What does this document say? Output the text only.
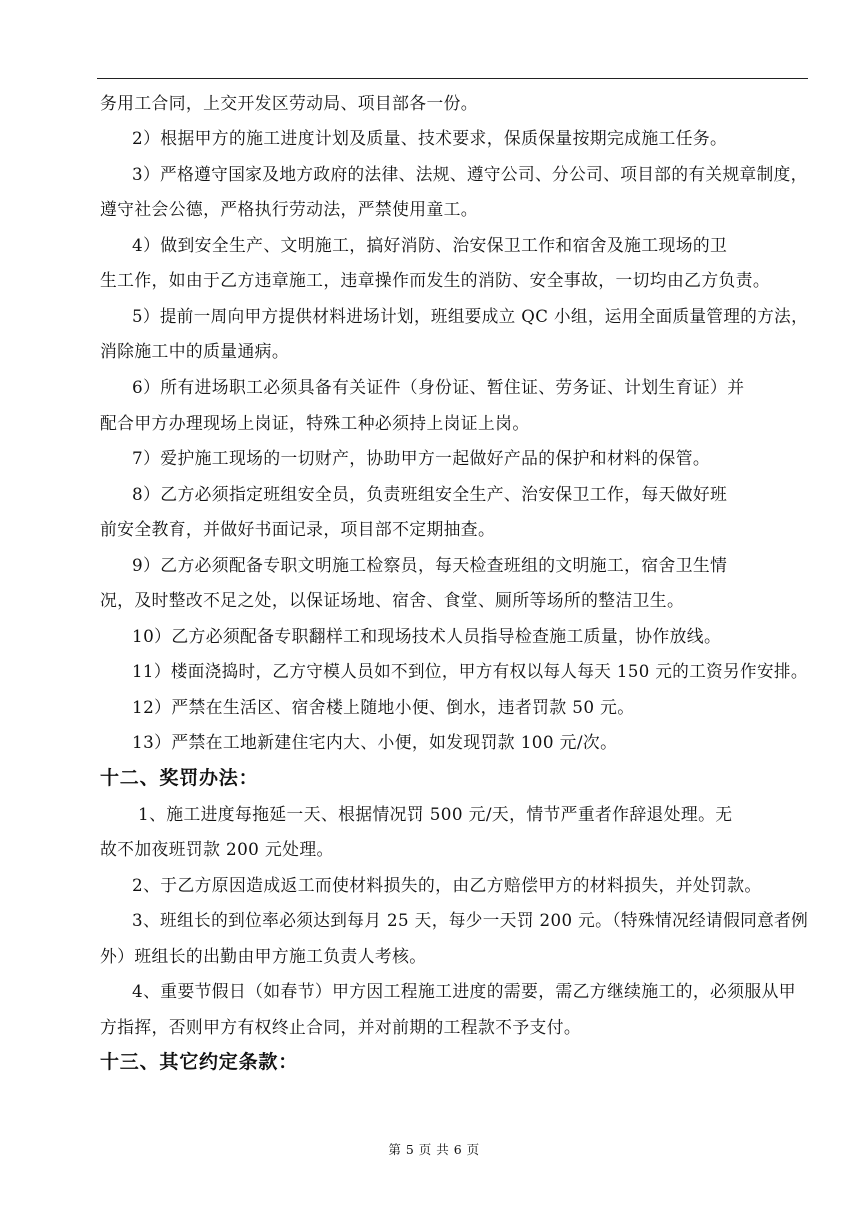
务用工合同，上交开发区劳动局、项目部各一份。
2）根据甲方的施工进度计划及质量、技术要求，保质保量按期完成施工任务。
3）严格遵守国家及地方政府的法律、法规、遵守公司、分公司、项目部的有关规章制度，
遵守社会公德，严格执行劳动法，严禁使用童工。
4）做到安全生产、文明施工，搞好消防、治安保卫工作和宿舍及施工现场的卫
生工作，如由于乙方违章施工，违章操作而发生的消防、安全事故，一切均由乙方负责。
5）提前一周向甲方提供材料进场计划，班组要成立 QC 小组，运用全面质量管理的方法，
消除施工中的质量通病。
6）所有进场职工必须具备有关证件（身份证、暂住证、劳务证、计划生育证）并
配合甲方办理现场上岗证，特殊工种必须持上岗证上岗。
7）爱护施工现场的一切财产，协助甲方一起做好产品的保护和材料的保管。
8）乙方必须指定班组安全员，负责班组安全生产、治安保卫工作，每天做好班
前安全教育，并做好书面记录，项目部不定期抽查。
9）乙方必须配备专职文明施工检察员，每天检查班组的文明施工，宿舍卫生情
况，及时整改不足之处，以保证场地、宿舍、食堂、厕所等场所的整洁卫生。
10）乙方必须配备专职翻样工和现场技术人员指导检查施工质量，协作放线。
11）楼面浇捣时，乙方守模人员如不到位，甲方有权以每人每天 150 元的工资另作安排。
12）严禁在生活区、宿舍楼上随地小便、倒水，违者罚款 50 元。
13）严禁在工地新建住宅内大、小便，如发现罚款 100 元/次。
十二、奖罚办法：
1、施工进度每拖延一天、根据情况罚 500 元/天，情节严重者作辞退处理。无
故不加夜班罚款 200 元处理。
2、于乙方原因造成返工而使材料损失的，由乙方赔偿甲方的材料损失，并处罚款。
3、班组长的到位率必须达到每月 25 天，每少一天罚 200 元。（特殊情况经请假同意者例
外）班组长的出勤由甲方施工负责人考核。
4、重要节假日（如春节）甲方因工程施工进度的需要，需乙方继续施工的，必须服从甲
方指挥，否则甲方有权终止合同，并对前期的工程款不予支付。
十三、其它约定条款：
第 5 页 共 6 页
